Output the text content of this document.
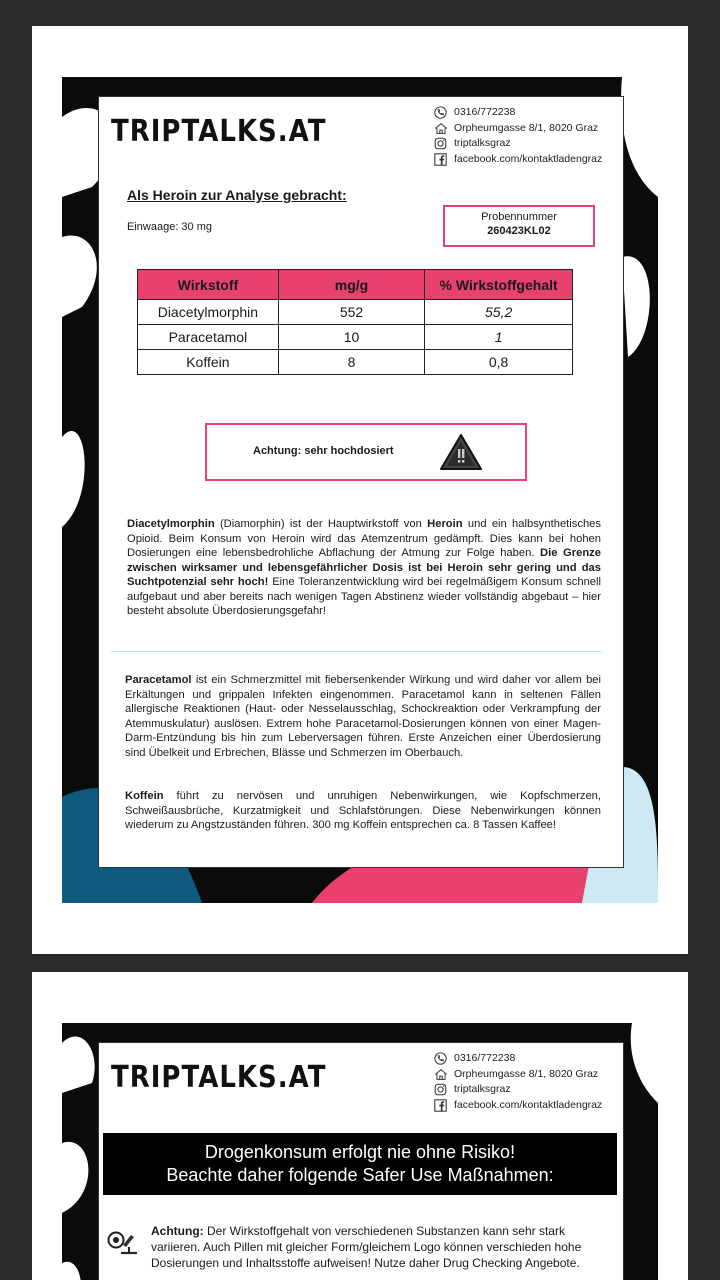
TRIPTALKS.AT
0316/772238
Orpheumgasse 8/1, 8020 Graz
triptalksgraz
facebook.com/kontaktladengraz
Als Heroin zur Analyse gebracht:
Einwaage: 30 mg
Probennummer
260423KL02
Wirkstoff	mg/g	% Wirkstoffgehalt
Diacetylmorphin	552	55,2
Paracetamol	10	1
Koffein	8	0,8
Achtung: sehr hochdosiert

Diacetylmorphin (Diamorphin) ist der Hauptwirkstoff von Heroin und ein halbsynthetisches Opioid. Beim Konsum von Heroin wird das Atemzentrum gedämpft. Dies kann bei hohen Dosierungen eine lebensbedrohliche Abflachung der Atmung zur Folge haben. Die Grenze zwischen wirksamer und lebensgefährlicher Dosis ist bei Heroin sehr gering und das Suchtpotenzial sehr hoch! Eine Toleranzentwicklung wird bei regelmäßigem Konsum schnell aufgebaut und aber bereits nach wenigen Tagen Abstinenz wieder vollständig abgebaut – hier besteht absolute Überdosierungsgefahr!

Paracetamol ist ein Schmerzmittel mit fiebersenkender Wirkung und wird daher vor allem bei Erkältungen und grippalen Infekten eingenommen. Paracetamol kann in seltenen Fällen allergische Reaktionen (Haut- oder Nesselausschlag, Schockreaktion oder Verkrampfung der Atemmuskulatur) auslösen. Extrem hohe Paracetamol-Dosierungen können von einer Magen-Darm-Entzündung bis hin zum Leberversagen führen. Erste Anzeichen einer Überdosierung sind Übelkeit und Erbrechen, Blässe und Schmerzen im Oberbauch.

Koffein führt zu nervösen und unruhigen Nebenwirkungen, wie Kopfschmerzen, Schweißausbrüche, Kurzatmigkeit und Schlafstörungen. Diese Nebenwirkungen können wiederum zu Angstzuständen führen. 300 mg Koffein entsprechen ca. 8 Tassen Kaffee!

TRIPTALKS.AT
0316/772238
Orpheumgasse 8/1, 8020 Graz
triptalksgraz
facebook.com/kontaktladengraz
Drogenkonsum erfolgt nie ohne Risiko!
Beachte daher folgende Safer Use Maßnahmen:

Achtung: Der Wirkstoffgehalt von verschiedenen Substanzen kann sehr stark variieren. Auch Pillen mit gleicher Form/gleichem Logo können verschieden hohe Dosierungen und Inhaltsstoffe aufweisen! Nutze daher Drug Checking Angebote.
